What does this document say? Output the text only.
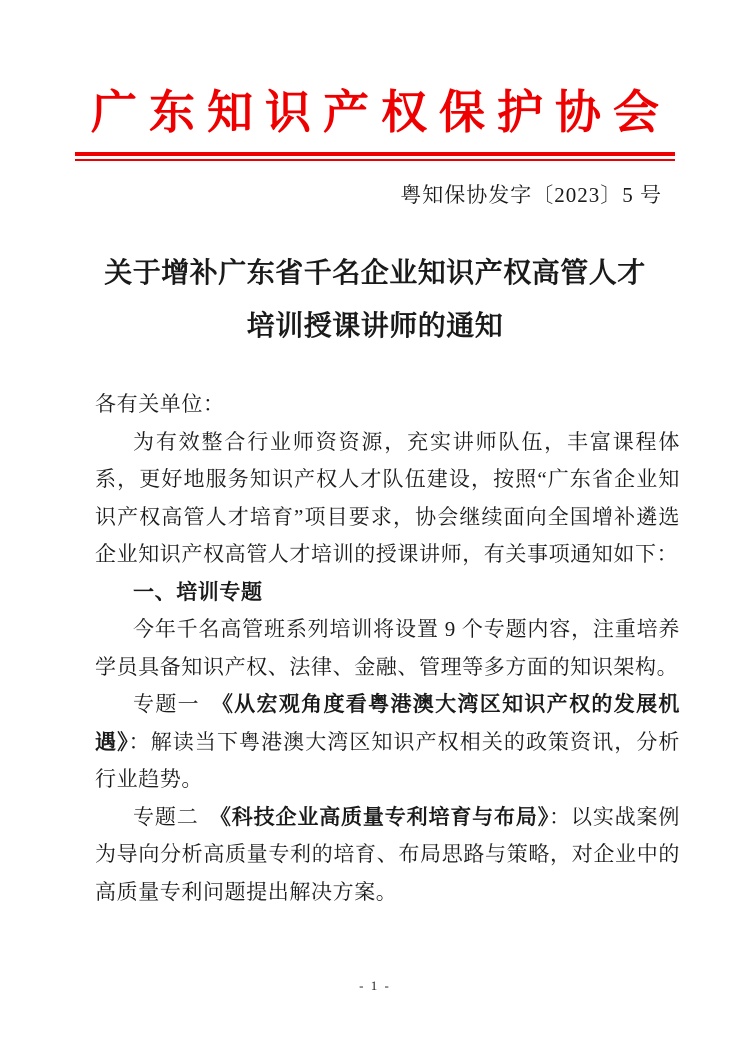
广东知识产权保护协会
粤知保协发字〔2023〕5 号
关于增补广东省千名企业知识产权高管人才
培训授课讲师的通知

各有关单位：

为有效整合行业师资资源，充实讲师队伍，丰富课程体系，更好地服务知识产权人才队伍建设，按照“广东省企业知识产权高管人才培育”项目要求，协会继续面向全国增补遴选企业知识产权高管人才培训的授课讲师，有关事项通知如下：

一、培训专题

今年千名高管班系列培训将设置 9 个专题内容，注重培养学员具备知识产权、法律、金融、管理等多方面的知识架构。

专题一　《从宏观角度看粤港澳大湾区知识产权的发展机遇》：解读当下粤港澳大湾区知识产权相关的政策资讯，分析行业趋势。

专题二　《科技企业高质量专利培育与布局》：以实战案例为导向分析高质量专利的培育、布局思路与策略，对企业中的高质量专利问题提出解决方案。

- 1 -
